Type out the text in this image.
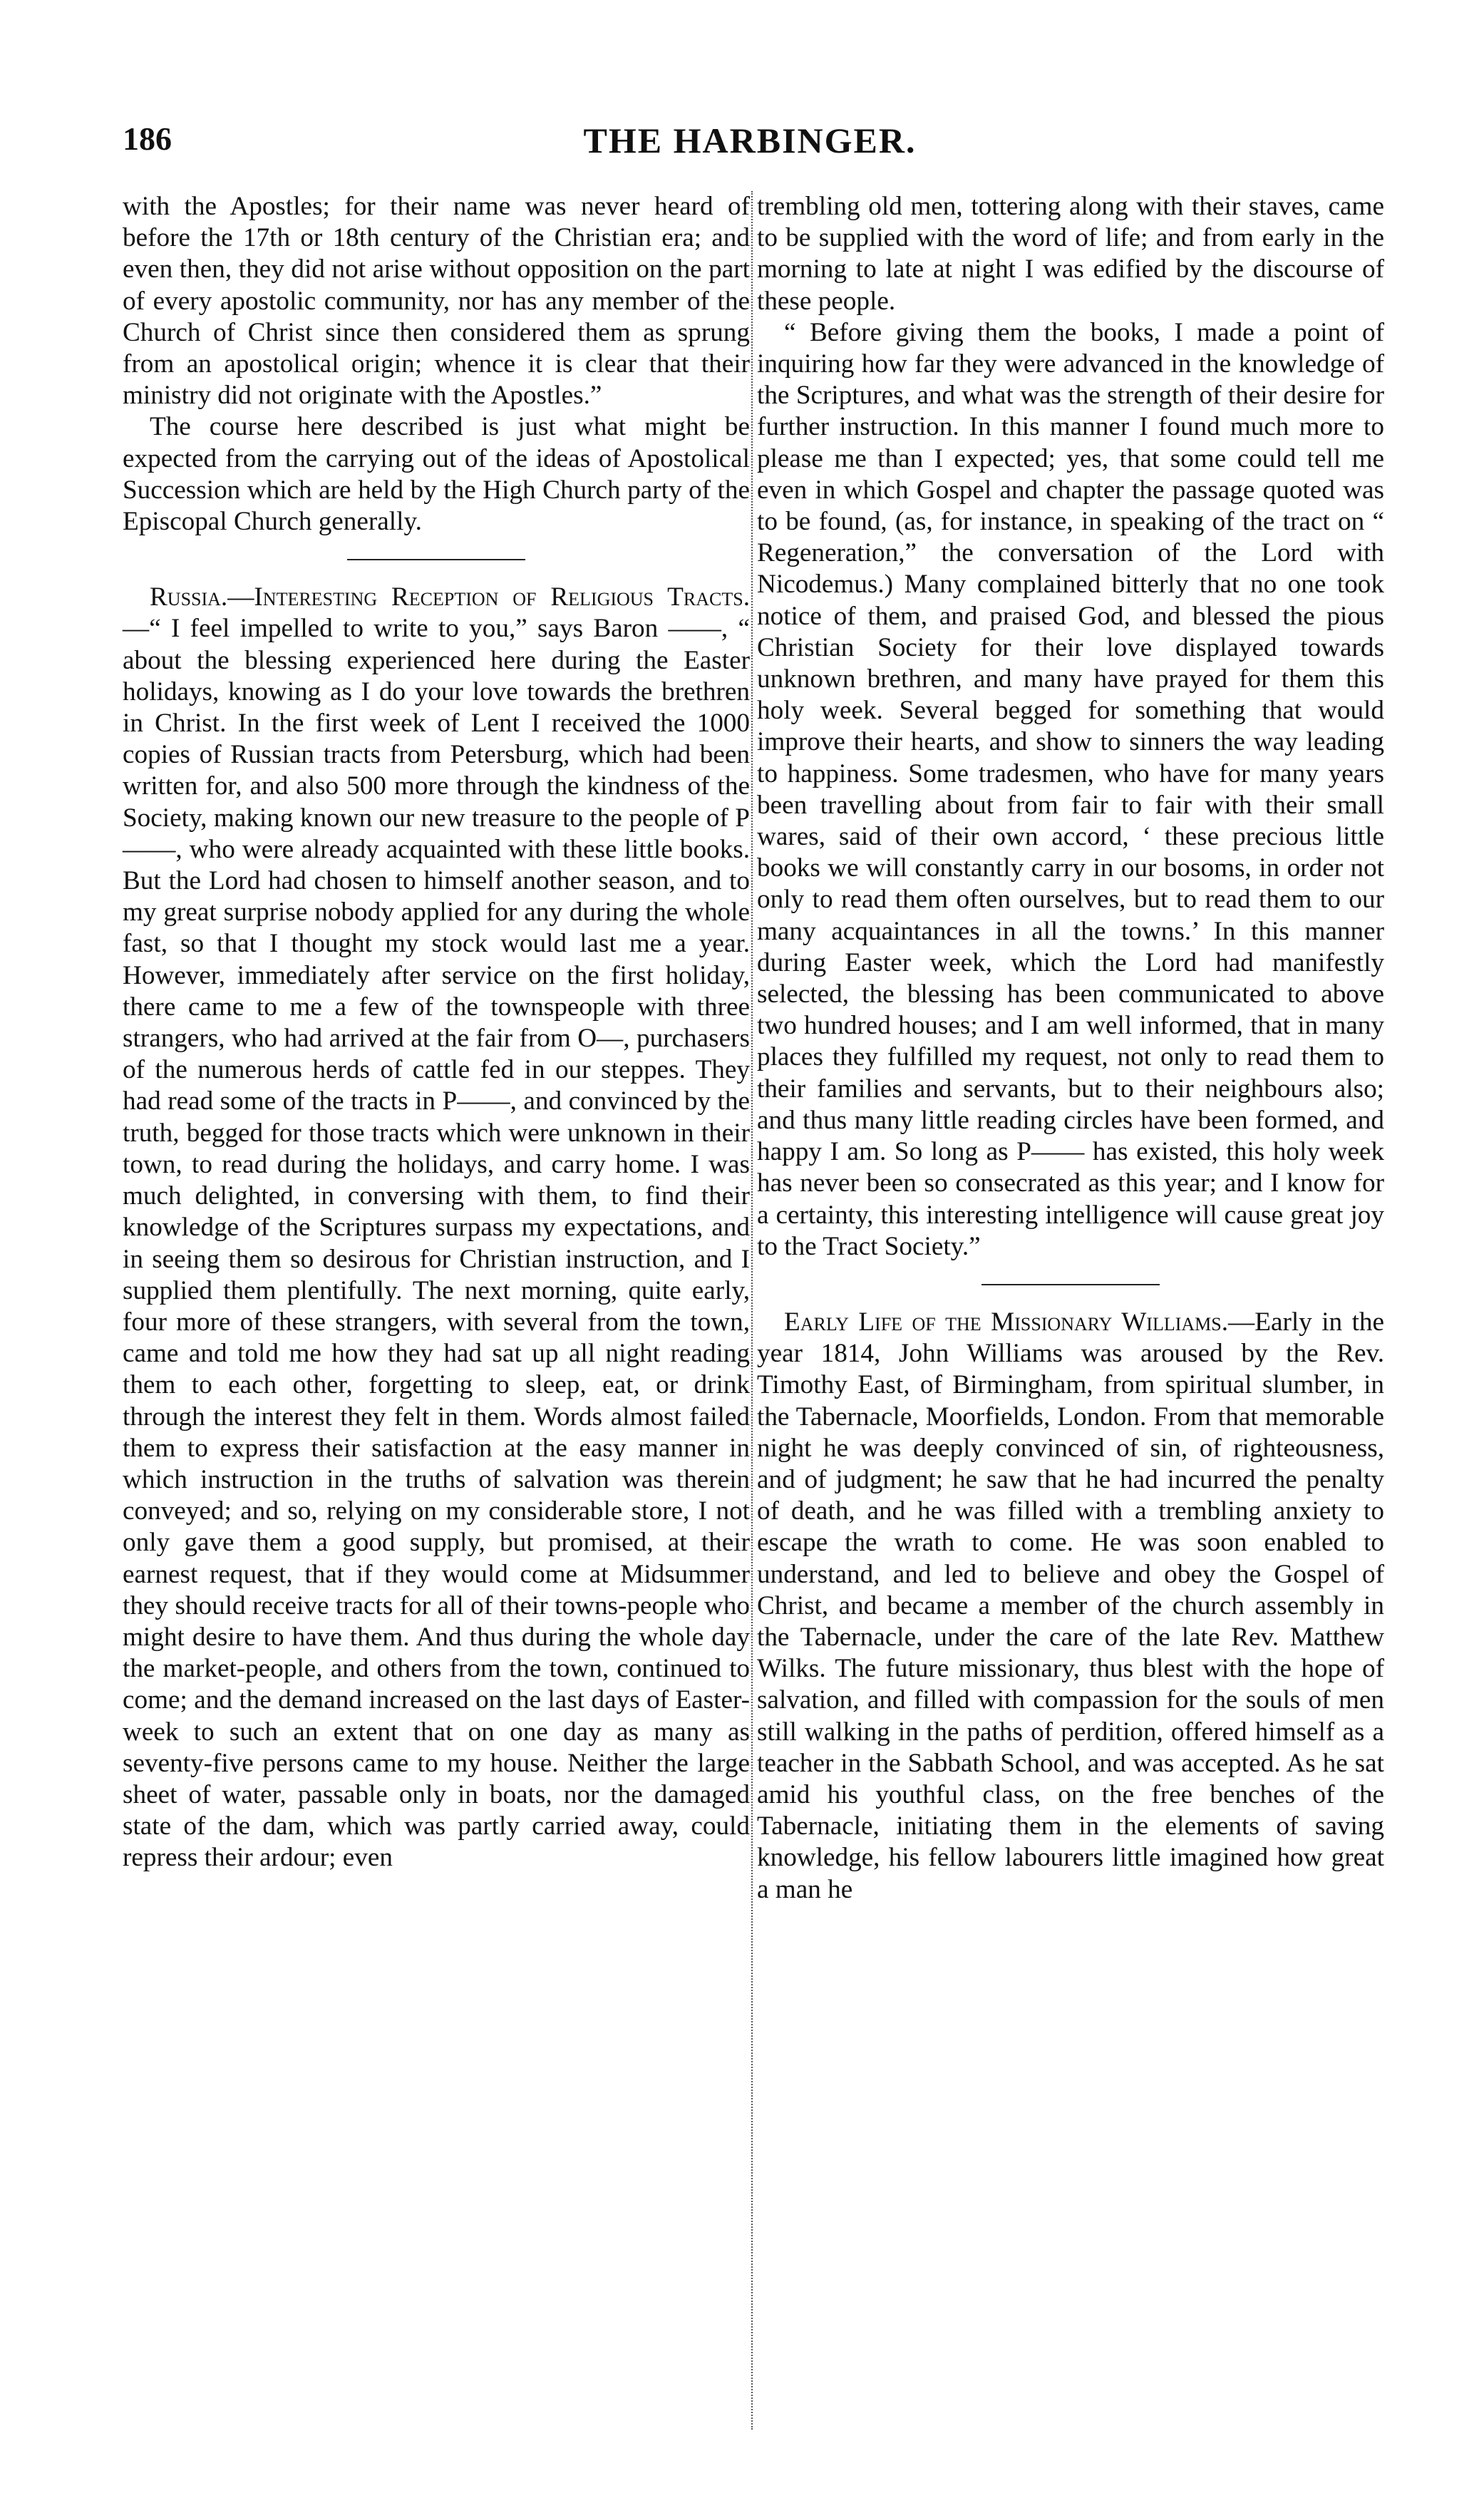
186	THE HARBINGER.

with the Apostles; for their name was never heard of before the 17th or 18th century of the Christian era; and even then, they did not arise without opposition on the part of every apostolic community, nor has any member of the Church of Christ since then considered them as sprung from an apostolical origin; whence it is clear that their ministry did not originate with the Apostles.”

The course here described is just what might be expected from the carrying out of the ideas of Apostolical Succession which are held by the High Church party of the Episcopal Church generally.

Russia.—Interesting Reception of Religious Tracts.—“ I feel impelled to write to you,” says Baron ——, “ about the blessing experienced here during the Easter holidays, knowing as I do your love towards the brethren in Christ. In the first week of Lent I received the 1000 copies of Russian tracts from Petersburg, which had been written for, and also 500 more through the kindness of the Society, making known our new treasure to the people of P——, who were already acquainted with these little books. But the Lord had chosen to himself another season, and to my great surprise nobody applied for any during the whole fast, so that I thought my stock would last me a year. However, immediately after service on the first holiday, there came to me a few of the townspeople with three strangers, who had arrived at the fair from O—, purchasers of the numerous herds of cattle fed in our steppes. They had read some of the tracts in P——, and convinced by the truth, begged for those tracts which were unknown in their town, to read during the holidays, and carry home. I was much delighted, in conversing with them, to find their knowledge of the Scriptures surpass my expectations, and in seeing them so desirous for Christian instruction, and I supplied them plentifully. The next morning, quite early, four more of these strangers, with several from the town, came and told me how they had sat up all night reading them to each other, forgetting to sleep, eat, or drink through the interest they felt in them. Words almost failed them to express their satisfaction at the easy manner in which instruction in the truths of salvation was therein conveyed; and so, relying on my considerable store, I not only gave them a good supply, but promised, at their earnest request, that if they would come at Midsummer they should receive tracts for all of their towns-people who might desire to have them. And thus during the whole day the market-people, and others from the town, continued to come; and the demand increased on the last days of Easter-week to such an extent that on one day as many as seventy-five persons came to my house. Neither the large sheet of water, passable only in boats, nor the damaged state of the dam, which was partly carried away, could repress their ardour; even

trembling old men, tottering along with their staves, came to be supplied with the word of life; and from early in the morning to late at night I was edified by the discourse of these people.

“ Before giving them the books, I made a point of inquiring how far they were advanced in the knowledge of the Scriptures, and what was the strength of their desire for further instruction. In this manner I found much more to please me than I expected; yes, that some could tell me even in which Gospel and chapter the passage quoted was to be found, (as, for instance, in speaking of the tract on “ Regeneration,” the conversation of the Lord with Nicodemus.) Many complained bitterly that no one took notice of them, and praised God, and blessed the pious Christian Society for their love displayed towards unknown brethren, and many have prayed for them this holy week. Several begged for something that would improve their hearts, and show to sinners the way leading to happiness. Some tradesmen, who have for many years been travelling about from fair to fair with their small wares, said of their own accord, ‘ these precious little books we will constantly carry in our bosoms, in order not only to read them often ourselves, but to read them to our many acquaintances in all the towns.’ In this manner during Easter week, which the Lord had manifestly selected, the blessing has been communicated to above two hundred houses; and I am well informed, that in many places they fulfilled my request, not only to read them to their families and servants, but to their neighbours also; and thus many little reading circles have been formed, and happy I am. So long as P—— has existed, this holy week has never been so consecrated as this year; and I know for a certainty, this interesting intelligence will cause great joy to the Tract Society.”

Early Life of the Missionary Williams.—Early in the year 1814, John Williams was aroused by the Rev. Timothy East, of Birmingham, from spiritual slumber, in the Tabernacle, Moorfields, London. From that memorable night he was deeply convinced of sin, of righteousness, and of judgment; he saw that he had incurred the penalty of death, and he was filled with a trembling anxiety to escape the wrath to come. He was soon enabled to understand, and led to believe and obey the Gospel of Christ, and became a member of the church assembly in the Tabernacle, under the care of the late Rev. Matthew Wilks. The future missionary, thus blest with the hope of salvation, and filled with compassion for the souls of men still walking in the paths of perdition, offered himself as a teacher in the Sabbath School, and was accepted. As he sat amid his youthful class, on the free benches of the Tabernacle, initiating them in the elements of saving knowledge, his fellow labourers little imagined how great a man he
